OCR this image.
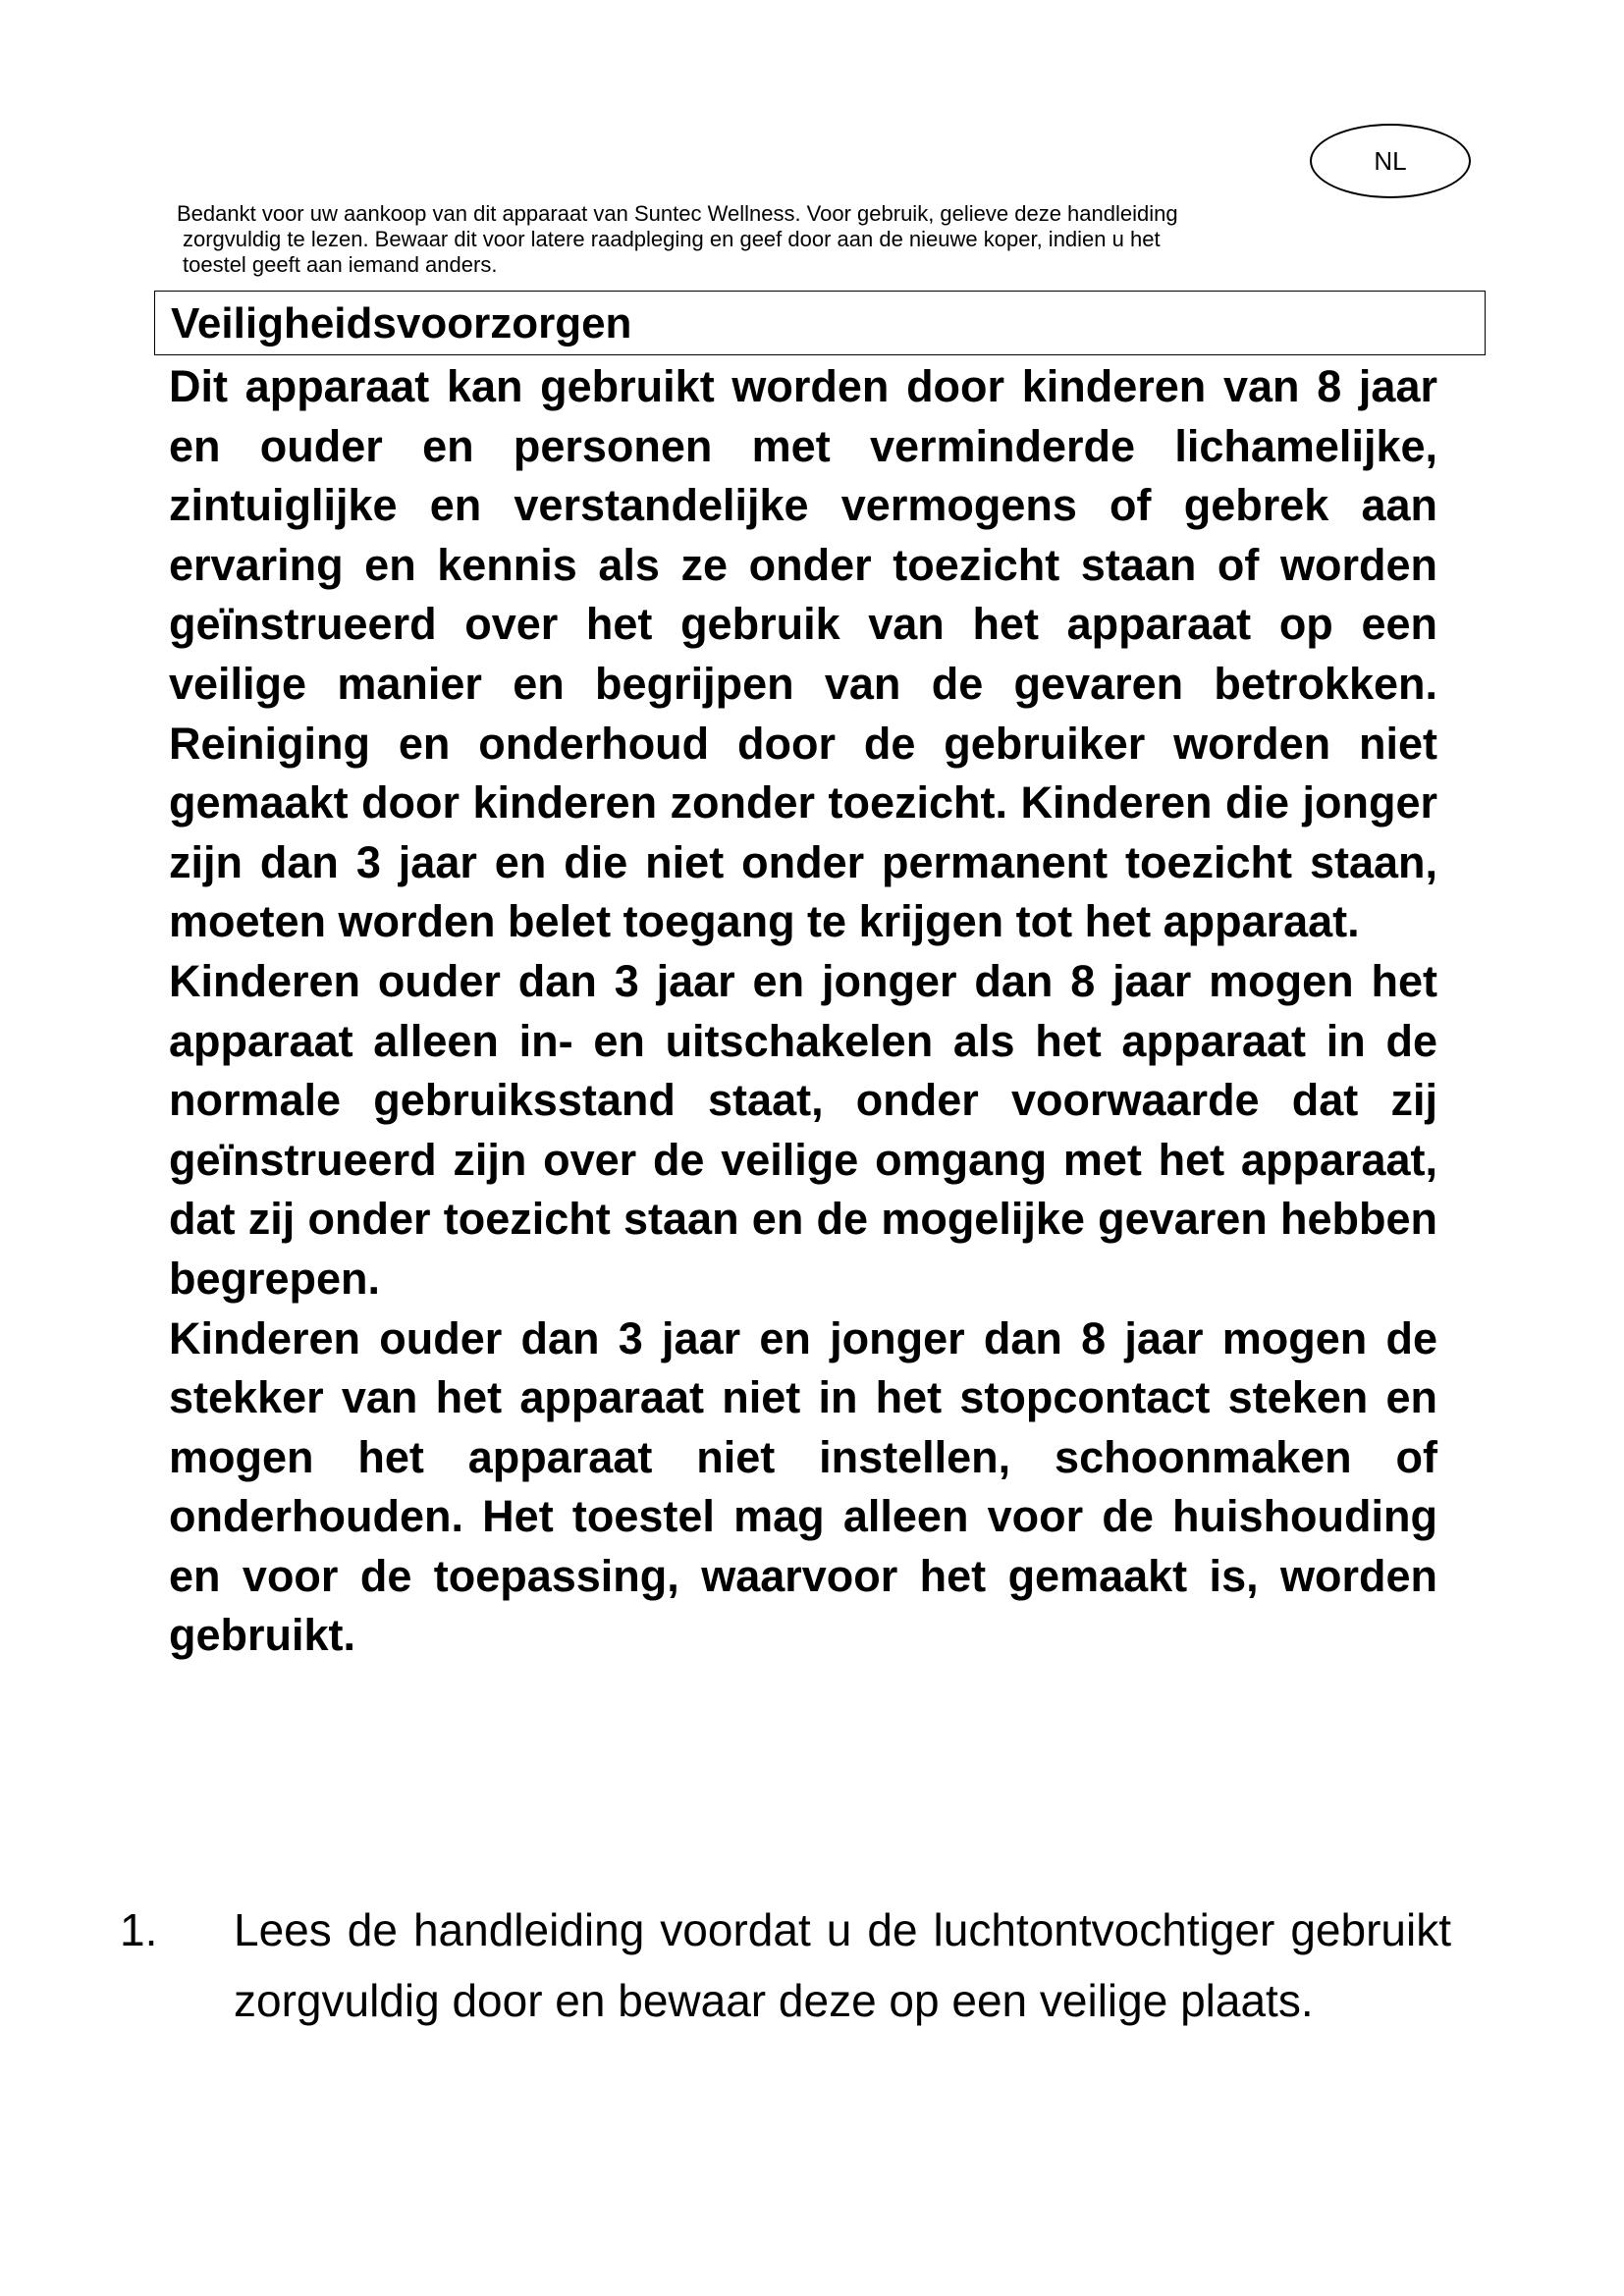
NL
Bedankt voor uw aankoop van dit apparaat van Suntec Wellness. Voor gebruik, gelieve deze handleiding
zorgvuldig te lezen. Bewaar dit voor latere raadpleging en geef door aan de nieuwe koper, indien u het
toestel geeft aan iemand anders.
Veiligheidsvoorzorgen

Dit apparaat kan gebruikt worden door kinderen van 8 jaar en ouder en personen met verminderde lichamelijke, zintuiglijke en verstandelijke vermogens of gebrek aan ervaring en kennis als ze onder toezicht staan of worden geïnstrueerd over het gebruik van het apparaat op een veilige manier en begrijpen van de gevaren betrokken. Reiniging en onderhoud door de gebruiker worden niet gemaakt door kinderen zonder toezicht. Kinderen die jonger zijn dan 3 jaar en die niet onder permanent toezicht staan, moeten worden belet toegang te krijgen tot het apparaat.

Kinderen ouder dan 3 jaar en jonger dan 8 jaar mogen het apparaat alleen in- en uitschakelen als het apparaat in de normale gebruiksstand staat, onder voorwaarde dat zij geïnstrueerd zijn over de veilige omgang met het apparaat, dat zij onder toezicht staan en de mogelijke gevaren hebben begrepen.

Kinderen ouder dan 3 jaar en jonger dan 8 jaar mogen de stekker van het apparaat niet in het stopcontact steken en mogen het apparaat niet instellen, schoonmaken of onderhouden. Het toestel mag alleen voor de huishouding en voor de toepassing, waarvoor het gemaakt is, worden gebruikt.

1.	Lees de handleiding voordat u de luchtontvochtiger gebruikt zorgvuldig door en bewaar deze op een veilige plaats.
